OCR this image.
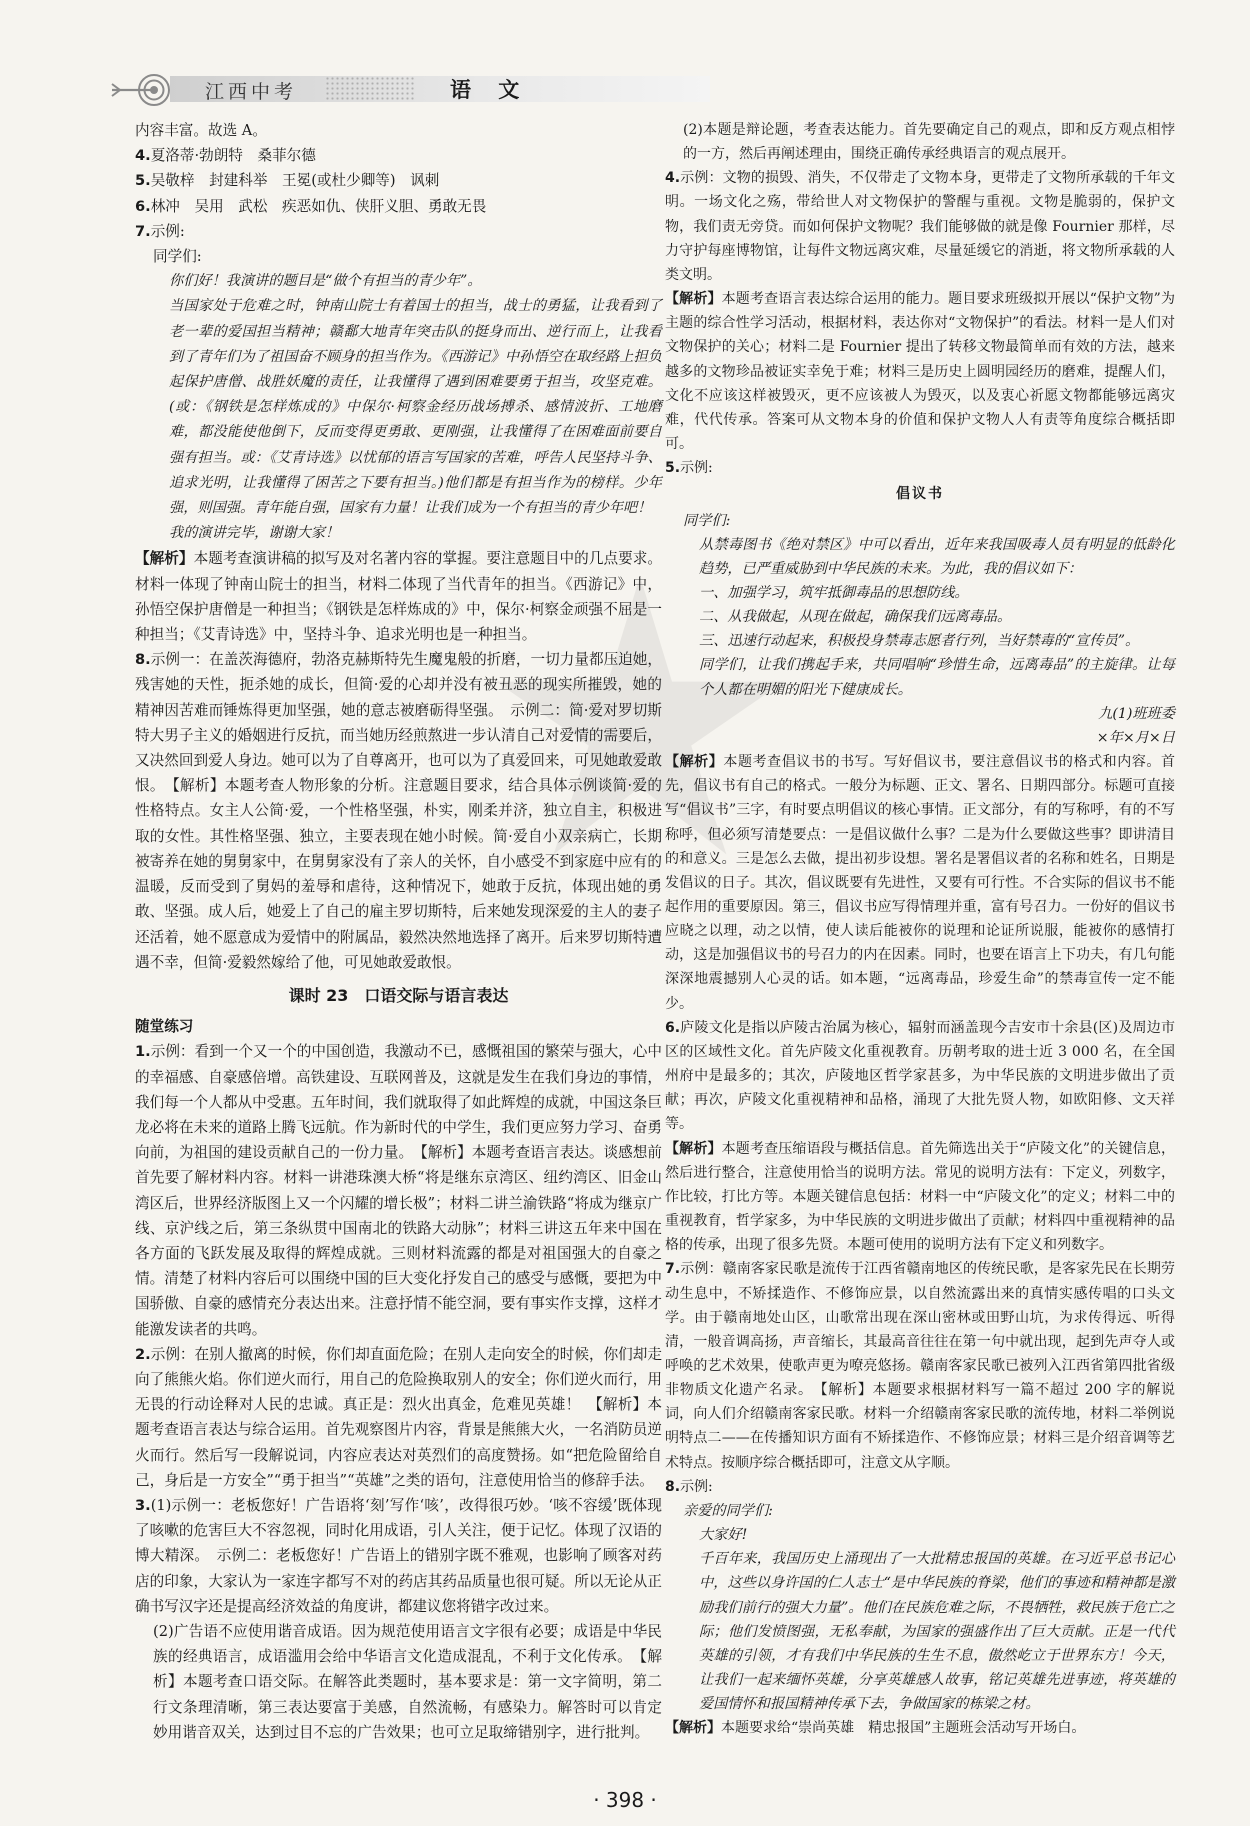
江西中考	语 文

内容丰富。故选 A。

4.夏洛蒂·勃朗特　桑菲尔德

5.吴敬梓　封建科举　王冕(或杜少卿等)　讽刺

6.林冲　吴用　武松　疾恶如仇、侠肝义胆、勇敢无畏

7.示例:

同学们:

你们好！我演讲的题目是“做个有担当的青少年”。

当国家处于危难之时，钟南山院士有着国士的担当，战士的勇猛，让我看到了老一辈的爱国担当精神；赣鄱大地青年突击队的挺身而出、逆行而上，让我看到了青年们为了祖国奋不顾身的担当作为。《西游记》中孙悟空在取经路上担负起保护唐僧、战胜妖魔的责任，让我懂得了遇到困难要勇于担当，攻坚克难。(或：《钢铁是怎样炼成的》中保尔·柯察金经历战场搏杀、感情波折、工地磨难，都没能使他倒下，反而变得更勇敢、更刚强，让我懂得了在困难面前要自强有担当。或：《艾青诗选》以忧郁的语言写国家的苦难，呼告人民坚持斗争、追求光明，让我懂得了困苦之下要有担当。)他们都是有担当作为的榜样。少年强，则国强。青年能自强，国家有力量！让我们成为一个有担当的青少年吧！

我的演讲完毕，谢谢大家！

【解析】本题考查演讲稿的拟写及对名著内容的掌握。要注意题目中的几点要求。材料一体现了钟南山院士的担当，材料二体现了当代青年的担当。《西游记》中，孙悟空保护唐僧是一种担当；《钢铁是怎样炼成的》中，保尔·柯察金顽强不屈是一种担当；《艾青诗选》中，坚持斗争、追求光明也是一种担当。

8.示例一：在盖茨海德府，勃洛克赫斯特先生魔鬼般的折磨，一切力量都压迫她，残害她的天性，扼杀她的成长，但简·爱的心却并没有被丑恶的现实所摧毁，她的精神因苦难而锤炼得更加坚强，她的意志被磨砺得坚强。　示例二：简·爱对罗切斯特大男子主义的婚姻进行反抗，而当她历经煎熬进一步认清自己对爱情的需要后，又决然回到爱人身边。她可以为了自尊离开，也可以为了真爱回来，可见她敢爱敢恨。　【解析】本题考查人物形象的分析。注意题目要求，结合具体示例谈简·爱的性格特点。女主人公简·爱，一个性格坚强，朴实，刚柔并济，独立自主，积极进取的女性。其性格坚强、独立，主要表现在她小时候。简·爱自小双亲病亡，长期被寄养在她的舅舅家中，在舅舅家没有了亲人的关怀，自小感受不到家庭中应有的温暖，反而受到了舅妈的羞辱和虐待，这种情况下，她敢于反抗，体现出她的勇敢、坚强。成人后，她爱上了自己的雇主罗切斯特，后来她发现深爱的主人的妻子还活着，她不愿意成为爱情中的附属品，毅然决然地选择了离开。后来罗切斯特遭遇不幸，但简·爱毅然嫁给了他，可见她敢爱敢恨。

课时 23　口语交际与语言表达

随堂练习

1.示例：看到一个又一个的中国创造，我激动不已，感慨祖国的繁荣与强大，心中的幸福感、自豪感倍增。高铁建设、互联网普及，这就是发生在我们身边的事情，我们每一个人都从中受惠。五年时间，我们就取得了如此辉煌的成就，中国这条巨龙必将在未来的道路上腾飞远航。作为新时代的中学生，我们更应努力学习、奋勇向前，为祖国的建设贡献自己的一份力量。　【解析】本题考查语言表达。谈感想前首先要了解材料内容。材料一讲港珠澳大桥“将是继东京湾区、纽约湾区、旧金山湾区后，世界经济版图上又一个闪耀的增长极”；材料二讲兰渝铁路“将成为继京广线、京沪线之后，第三条纵贯中国南北的铁路大动脉”；材料三讲这五年来中国在各方面的飞跃发展及取得的辉煌成就。三则材料流露的都是对祖国强大的自豪之情。清楚了材料内容后可以围绕中国的巨大变化抒发自己的感受与感慨，要把为中国骄傲、自豪的感情充分表达出来。注意抒情不能空洞，要有事实作支撑，这样才能激发读者的共鸣。

2.示例：在别人撤离的时候，你们却直面危险；在别人走向安全的时候，你们却走向了熊熊火焰。你们逆火而行，用自己的危险换取别人的安全；你们逆火而行，用无畏的行动诠释对人民的忠诚。真正是：烈火出真金，危难见英雄！　【解析】本题考查语言表达与综合运用。首先观察图片内容，背景是熊熊大火，一名消防员逆火而行。然后写一段解说词，内容应表达对英烈们的高度赞扬。如“把危险留给自己，身后是一方安全”“勇于担当”“英雄”之类的语句，注意使用恰当的修辞手法。

3.(1)示例一：老板您好！广告语将‘刻’写作‘咳’，改得很巧妙。‘咳不容缓’既体现了咳嗽的危害巨大不容忽视，同时化用成语，引人关注，便于记忆。体现了汉语的博大精深。　示例二：老板您好！广告语上的错别字既不雅观，也影响了顾客对药店的印象，大家认为一家连字都写不对的药店其药品质量也很可疑。所以无论从正确书写汉字还是提高经济效益的角度讲，都建议您将错字改过来。

(2)广告语不应使用谐音成语。因为规范使用语言文字很有必要；成语是中华民族的经典语言，成语滥用会给中华语言文化造成混乱，不利于文化传承。　【解析】本题考查口语交际。在解答此类题时，基本要求是：第一文字简明，第二行文条理清晰，第三表达要富于美感，自然流畅，有感染力。解答时可以肯定妙用谐音双关，达到过目不忘的广告效果；也可立足取缔错别字，进行批判。

(2)本题是辩论题，考查表达能力。首先要确定自己的观点，即和反方观点相悖的一方，然后再阐述理由，围绕正确传承经典语言的观点展开。

4.示例：文物的损毁、消失，不仅带走了文物本身，更带走了文物所承载的千年文明。一场文化之殇，带给世人对文物保护的警醒与重视。文物是脆弱的，保护文物，我们责无旁贷。而如何保护文物呢？我们能够做的就是像 Fournier 那样，尽力守护每座博物馆，让每件文物远离灾难，尽量延缓它的消逝，将文物所承载的人类文明。

【解析】本题考查语言表达综合运用的能力。题目要求班级拟开展以“保护文物”为主题的综合性学习活动，根据材料，表达你对“文物保护”的看法。材料一是人们对文物保护的关心；材料二是 Fournier 提出了转移文物最简单而有效的方法，越来越多的文物珍品被证实幸免于难；材料三是历史上圆明园经历的磨难，提醒人们，文化不应该这样被毁灭，更不应该被人为毁灭，以及衷心祈愿文物都能够远离灾难，代代传承。答案可从文物本身的价值和保护文物人人有责等角度综合概括即可。

5.示例:

倡议书

同学们:

从禁毒图书《绝对禁区》中可以看出，近年来我国吸毒人员有明显的低龄化趋势，已严重威胁到中华民族的未来。为此，我的倡议如下：

一、加强学习，筑牢抵御毒品的思想防线。

二、从我做起，从现在做起，确保我们远离毒品。

三、迅速行动起来，积极投身禁毒志愿者行列，当好禁毒的“宣传员”。

同学们，让我们携起手来，共同唱响“珍惜生命，远离毒品”的主旋律。让每个人都在明媚的阳光下健康成长。

九(1)班班委

×年×月×日

【解析】本题考查倡议书的书写。写好倡议书，要注意倡议书的格式和内容。首先，倡议书有自己的格式。一般分为标题、正文、署名、日期四部分。标题可直接写“倡议书”三字，有时要点明倡议的核心事情。正文部分，有的写称呼，有的不写称呼，但必须写清楚要点：一是倡议做什么事？二是为什么要做这些事？即讲清目的和意义。三是怎么去做，提出初步设想。署名是署倡议者的名称和姓名，日期是发倡议的日子。其次，倡议既要有先进性，又要有可行性。不合实际的倡议书不能起作用的重要原因。第三，倡议书应写得情理并重，富有号召力。一份好的倡议书应晓之以理，动之以情，使人读后能被你的说理和论证所说服，能被你的感情打动，这是加强倡议书的号召力的内在因素。同时，也要在语言上下功夫，有几句能深深地震撼别人心灵的话。如本题，“远离毒品，珍爱生命”的禁毒宣传一定不能少。

6.庐陵文化是指以庐陵古治属为核心，辐射而涵盖现今吉安市十余县(区)及周边市区的区域性文化。首先庐陵文化重视教育。历朝考取的进士近 3 000 名，在全国州府中是最多的；其次，庐陵地区哲学家甚多，为中华民族的文明进步做出了贡献；再次，庐陵文化重视精神和品格，涌现了大批先贤人物，如欧阳修、文天祥等。

【解析】本题考查压缩语段与概括信息。首先筛选出关于“庐陵文化”的关键信息，然后进行整合，注意使用恰当的说明方法。常见的说明方法有：下定义，列数字，作比较，打比方等。本题关键信息包括：材料一中“庐陵文化”的定义；材料二中的重视教育，哲学家多，为中华民族的文明进步做出了贡献；材料四中重视精神的品格的传承，出现了很多先贤。本题可使用的说明方法有下定义和列数字。

7.示例：赣南客家民歌是流传于江西省赣南地区的传统民歌，是客家先民在长期劳动生息中，不矫揉造作、不修饰应景，以自然流露出来的真情实感传唱的口头文学。由于赣南地处山区，山歌常出现在深山密林或田野山坑，为求传得远、听得清，一般音调高扬，声音缩长，其最高音往往在第一句中就出现，起到先声夺人或呼唤的艺术效果，使歌声更为嘹亮悠扬。赣南客家民歌已被列入江西省第四批省级非物质文化遗产名录。　【解析】本题要求根据材料写一篇不超过 200 字的解说词，向人们介绍赣南客家民歌。材料一介绍赣南客家民歌的流传地，材料二举例说明特点二——在传播知识方面有不矫揉造作、不修饰应景；材料三是介绍音调等艺术特点。按顺序综合概括即可，注意文从字顺。

8.示例:

亲爱的同学们:

大家好!

千百年来，我国历史上涌现出了一大批精忠报国的英雄。在习近平总书记心中，这些以身许国的仁人志士“是中华民族的脊梁，他们的事迹和精神都是激励我们前行的强大力量”。他们在民族危难之际，不畏牺牲，救民族于危亡之际；他们发愤图强，无私奉献，为国家的强盛作出了巨大贡献。正是一代代英雄的引领，才有我们中华民族的生生不息，傲然屹立于世界东方！今天，让我们一起来缅怀英雄，分享英雄感人故事，铭记英雄先进事迹，将英雄的爱国情怀和报国精神传承下去，争做国家的栋梁之材。

【解析】本题要求给“崇尚英雄　精忠报国”主题班会活动写开场白。

· 398 ·
